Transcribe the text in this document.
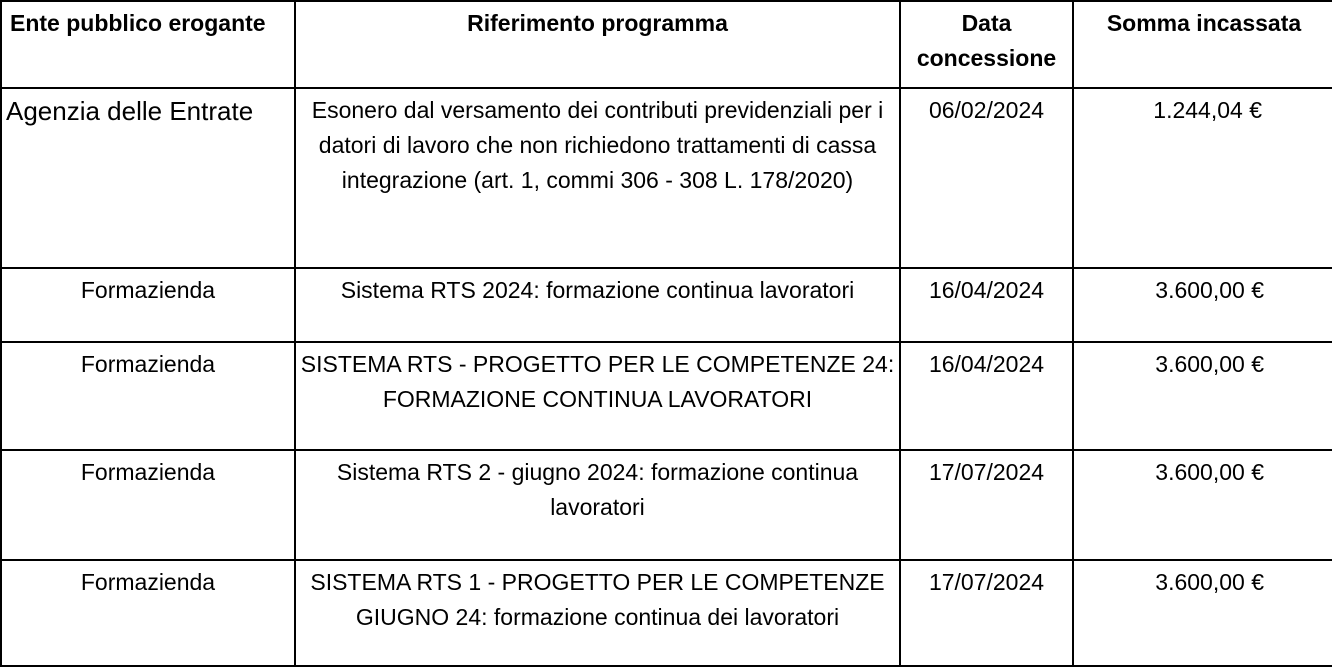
Ente pubblico erogante	Riferimento programma	Data concessione	Somma incassata
Agenzia delle Entrate	Esonero dal versamento dei contributi previdenziali per i datori di lavoro che non richiedono trattamenti di cassa integrazione (art. 1, commi 306 - 308 L. 178/2020)	06/02/2024	1.244,04 €
Formazienda	Sistema RTS 2024: formazione continua lavoratori	16/04/2024	3.600,00 €
Formazienda	SISTEMA RTS - PROGETTO PER LE COMPETENZE 24: FORMAZIONE CONTINUA LAVORATORI	16/04/2024	3.600,00 €
Formazienda	Sistema RTS 2 - giugno 2024: formazione continua lavoratori	17/07/2024	3.600,00 €
Formazienda	SISTEMA RTS 1 - PROGETTO PER LE COMPETENZE GIUGNO 24: formazione continua dei lavoratori	17/07/2024	3.600,00 €
